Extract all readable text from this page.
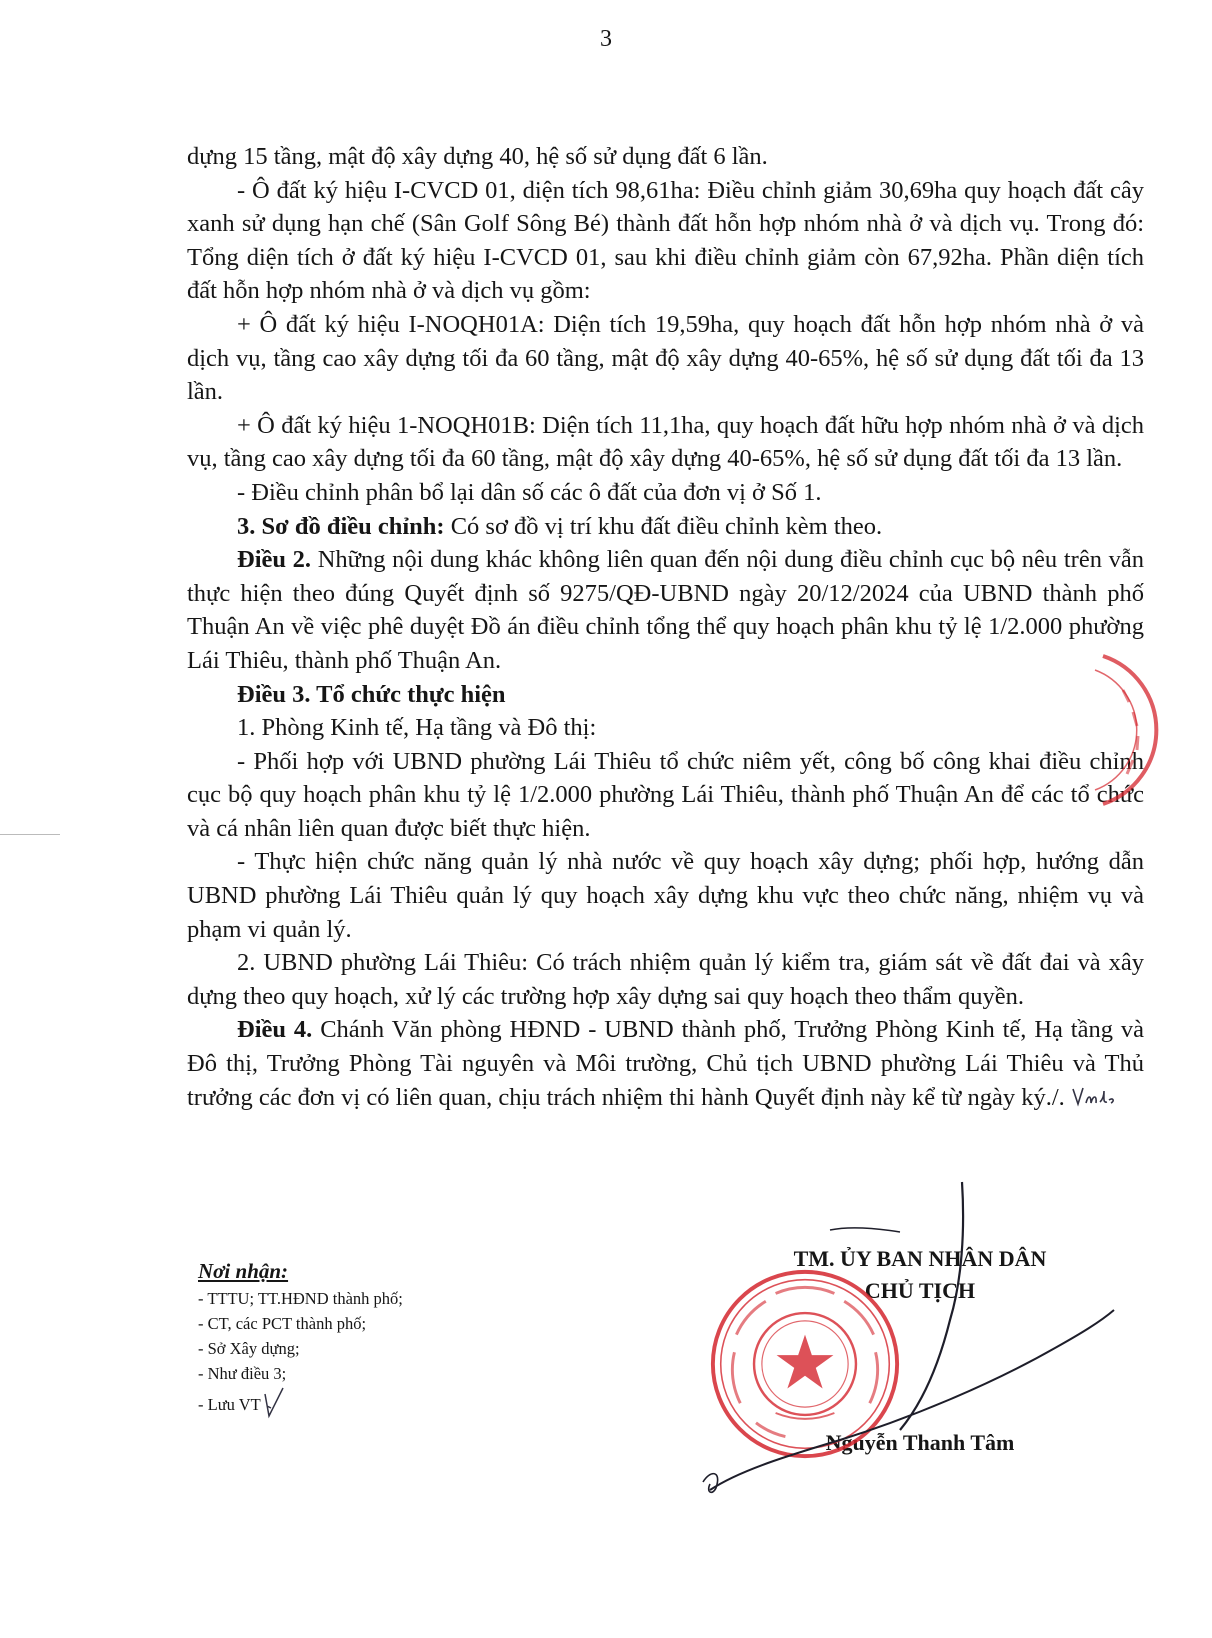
3

dựng 15 tầng, mật độ xây dựng 40, hệ số sử dụng đất 6 lần.

- Ô đất ký hiệu I-CVCD 01, diện tích 98,61ha: Điều chỉnh giảm 30,69ha quy hoạch đất cây xanh sử dụng hạn chế (Sân Golf Sông Bé) thành đất hỗn hợp nhóm nhà ở và dịch vụ. Trong đó: Tổng diện tích ở đất ký hiệu I-CVCD 01, sau khi điều chỉnh giảm còn 67,92ha. Phần diện tích đất hỗn hợp nhóm nhà ở và dịch vụ gồm:

+ Ô đất ký hiệu I-NOQH01A: Diện tích 19,59ha, quy hoạch đất hỗn hợp nhóm nhà ở và dịch vụ, tầng cao xây dựng tối đa 60 tầng, mật độ xây dựng 40-65%, hệ số sử dụng đất tối đa 13 lần.

+ Ô đất ký hiệu 1-NOQH01B: Diện tích 11,1ha, quy hoạch đất hữu hợp nhóm nhà ở và dịch vụ, tầng cao xây dựng tối đa 60 tầng, mật độ xây dựng 40-65%, hệ số sử dụng đất tối đa 13 lần.

- Điều chỉnh phân bổ lại dân số các ô đất của đơn vị ở Số 1.

3. Sơ đồ điều chỉnh: Có sơ đồ vị trí khu đất điều chỉnh kèm theo.

Điều 2. Những nội dung khác không liên quan đến nội dung điều chỉnh cục bộ nêu trên vẫn thực hiện theo đúng Quyết định số 9275/QĐ-UBND ngày 20/12/2024 của UBND thành phố Thuận An về việc phê duyệt Đồ án điều chỉnh tổng thể quy hoạch phân khu tỷ lệ 1/2.000 phường Lái Thiêu, thành phố Thuận An.

Điều 3. Tổ chức thực hiện

1. Phòng Kinh tế, Hạ tầng và Đô thị:

- Phối hợp với UBND phường Lái Thiêu tổ chức niêm yết, công bố công khai điều chỉnh cục bộ quy hoạch phân khu tỷ lệ 1/2.000 phường Lái Thiêu, thành phố Thuận An để các tổ chức và cá nhân liên quan được biết thực hiện.

- Thực hiện chức năng quản lý nhà nước về quy hoạch xây dựng; phối hợp, hướng dẫn UBND phường Lái Thiêu quản lý quy hoạch xây dựng khu vực theo chức năng, nhiệm vụ và phạm vi quản lý.

2. UBND phường Lái Thiêu: Có trách nhiệm quản lý kiểm tra, giám sát về đất đai và xây dựng theo quy hoạch, xử lý các trường hợp xây dựng sai quy hoạch theo thẩm quyền.

Điều 4. Chánh Văn phòng HĐND - UBND thành phố, Trưởng Phòng Kinh tế, Hạ tầng và Đô thị, Trưởng Phòng Tài nguyên và Môi trường, Chủ tịch UBND phường Lái Thiêu và Thủ trưởng các đơn vị có liên quan, chịu trách nhiệm thi hành Quyết định này kể từ ngày ký./.

Nơi nhận:
- TTTU; TT.HĐND thành phố;
- CT, các PCT thành phố;
- Sở Xây dựng;
- Như điều 3;
- Lưu VT
TM. ỦY BAN NHÂN DÂN
CHỦ TỊCH
Nguyễn Thanh Tâm
